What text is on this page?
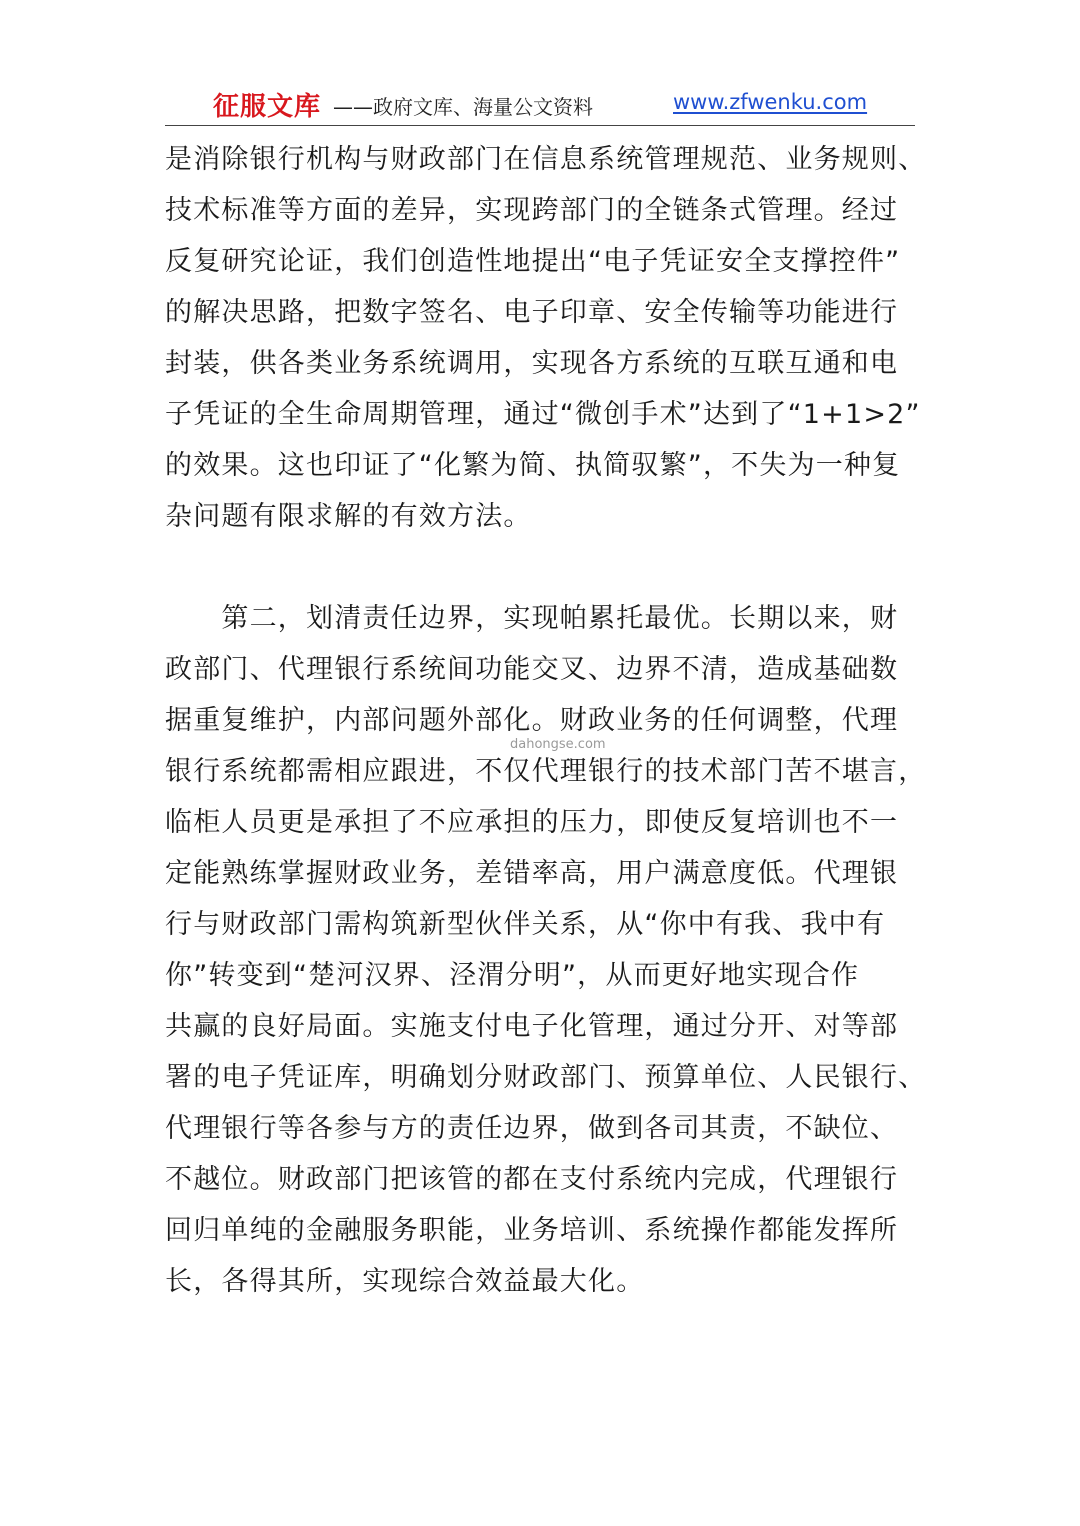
征服文库 ——政府文库、海量公文资料	www.zfwenku.com
是消除银行机构与财政部门在信息系统管理规范、业务规则、
技术标准等方面的差异，实现跨部门的全链条式管理。经过
反复研究论证，我们创造性地提出“电子凭证安全支撑控件”
的解决思路，把数字签名、电子印章、安全传输等功能进行
封装，供各类业务系统调用，实现各方系统的互联互通和电
子凭证的全生命周期管理，通过“微创手术”达到了“1+1>2”
的效果。这也印证了“化繁为简、执简驭繁”，不失为一种复
杂问题有限求解的有效方法。
　　第二，划清责任边界，实现帕累托最优。长期以来，财
政部门、代理银行系统间功能交叉、边界不清，造成基础数
据重复维护，内部问题外部化。财政业务的任何调整，代理
银行系统都需相应跟进，不仅代理银行的技术部门苦不堪言，
临柜人员更是承担了不应承担的压力，即使反复培训也不一
定能熟练掌握财政业务，差错率高，用户满意度低。代理银
行与财政部门需构筑新型伙伴关系，从“你中有我、我中有
你”转变到“楚河汉界、泾渭分明”，从而更好地实现合作
共赢的良好局面。实施支付电子化管理，通过分开、对等部
署的电子凭证库，明确划分财政部门、预算单位、人民银行、
代理银行等各参与方的责任边界，做到各司其责，不缺位、
不越位。财政部门把该管的都在支付系统内完成，代理银行
回归单纯的金融服务职能，业务培训、系统操作都能发挥所
长，各得其所，实现综合效益最大化。
dahongse.com
